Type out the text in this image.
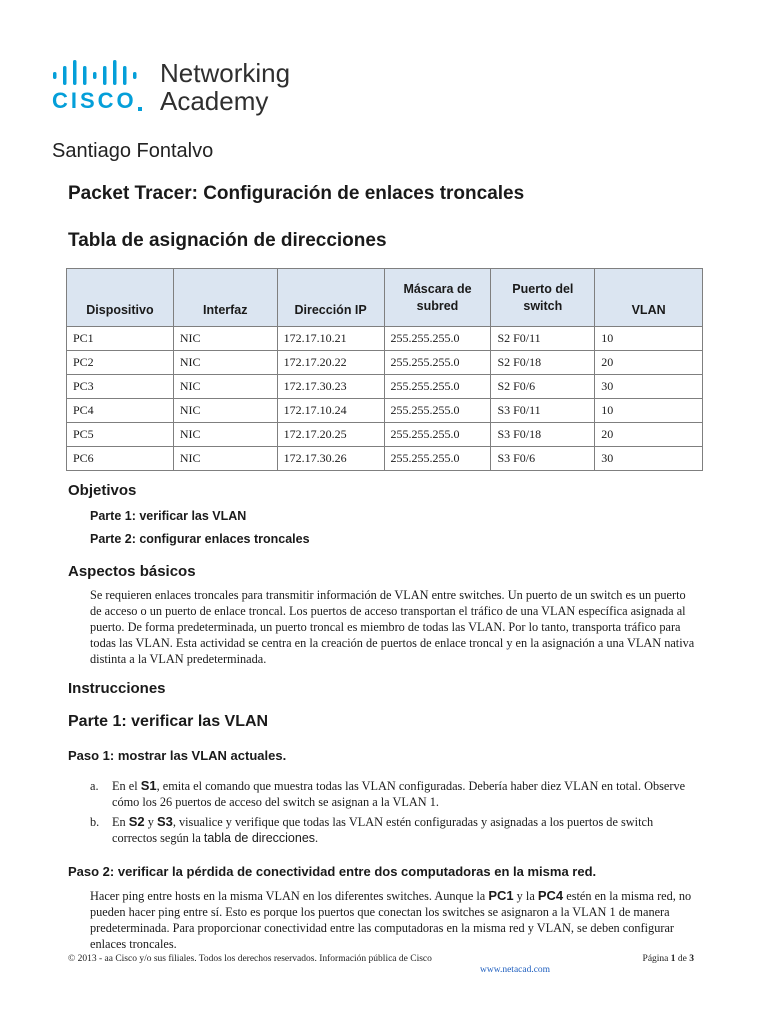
CISCO
Networking
Academy
Santiago Fontalvo
Packet Tracer: Configuración de enlaces troncales
Tabla de asignación de direcciones
Dispositivo	Interfaz	Dirección IP	Máscara de subred	Puerto del switch	VLAN
PC1	NIC	172.17.10.21	255.255.255.0	S2 F0/11	10
PC2	NIC	172.17.20.22	255.255.255.0	S2 F0/18	20
PC3	NIC	172.17.30.23	255.255.255.0	S2 F0/6	30
PC4	NIC	172.17.10.24	255.255.255.0	S3 F0/11	10
PC5	NIC	172.17.20.25	255.255.255.0	S3 F0/18	20
PC6	NIC	172.17.30.26	255.255.255.0	S3 F0/6	30
Objetivos
Parte 1: verificar las VLAN
Parte 2: configurar enlaces troncales
Aspectos básicos

Se requieren enlaces troncales para transmitir información de VLAN entre switches. Un puerto de un switch es un puerto de acceso o un puerto de enlace troncal. Los puertos de acceso transportan el tráfico de una VLAN específica asignada al puerto. De forma predeterminada, un puerto troncal es miembro de todas las VLAN. Por lo tanto, transporta tráfico para todas las VLAN. Esta actividad se centra en la creación de puertos de enlace troncal y en la asignación a una VLAN nativa distinta a la VLAN predeterminada.

Instrucciones
Parte 1: verificar las VLAN
Paso 1: mostrar las VLAN actuales.
a. En el S1, emita el comando que muestra todas las VLAN configuradas. Debería haber diez VLAN en total. Observe cómo los 26 puertos de acceso del switch se asignan a la VLAN 1.
b. En S2 y S3, visualice y verifique que todas las VLAN estén configuradas y asignadas a los puertos de switch correctos según la tabla de direcciones.
Paso 2: verificar la pérdida de conectividad entre dos computadoras en la misma red.

Hacer ping entre hosts en la misma VLAN en los diferentes switches. Aunque la PC1 y la PC4 estén en la misma red, no pueden hacer ping entre sí. Esto es porque los puertos que conectan los switches se asignaron a la VLAN 1 de manera predeterminada. Para proporcionar conectividad entre las computadoras en la misma red y VLAN, se deben configurar enlaces troncales.

© 2013 - aa Cisco y/o sus filiales. Todos los derechos reservados. Información pública de Cisco	Página 1 de 3
www.netacad.com
